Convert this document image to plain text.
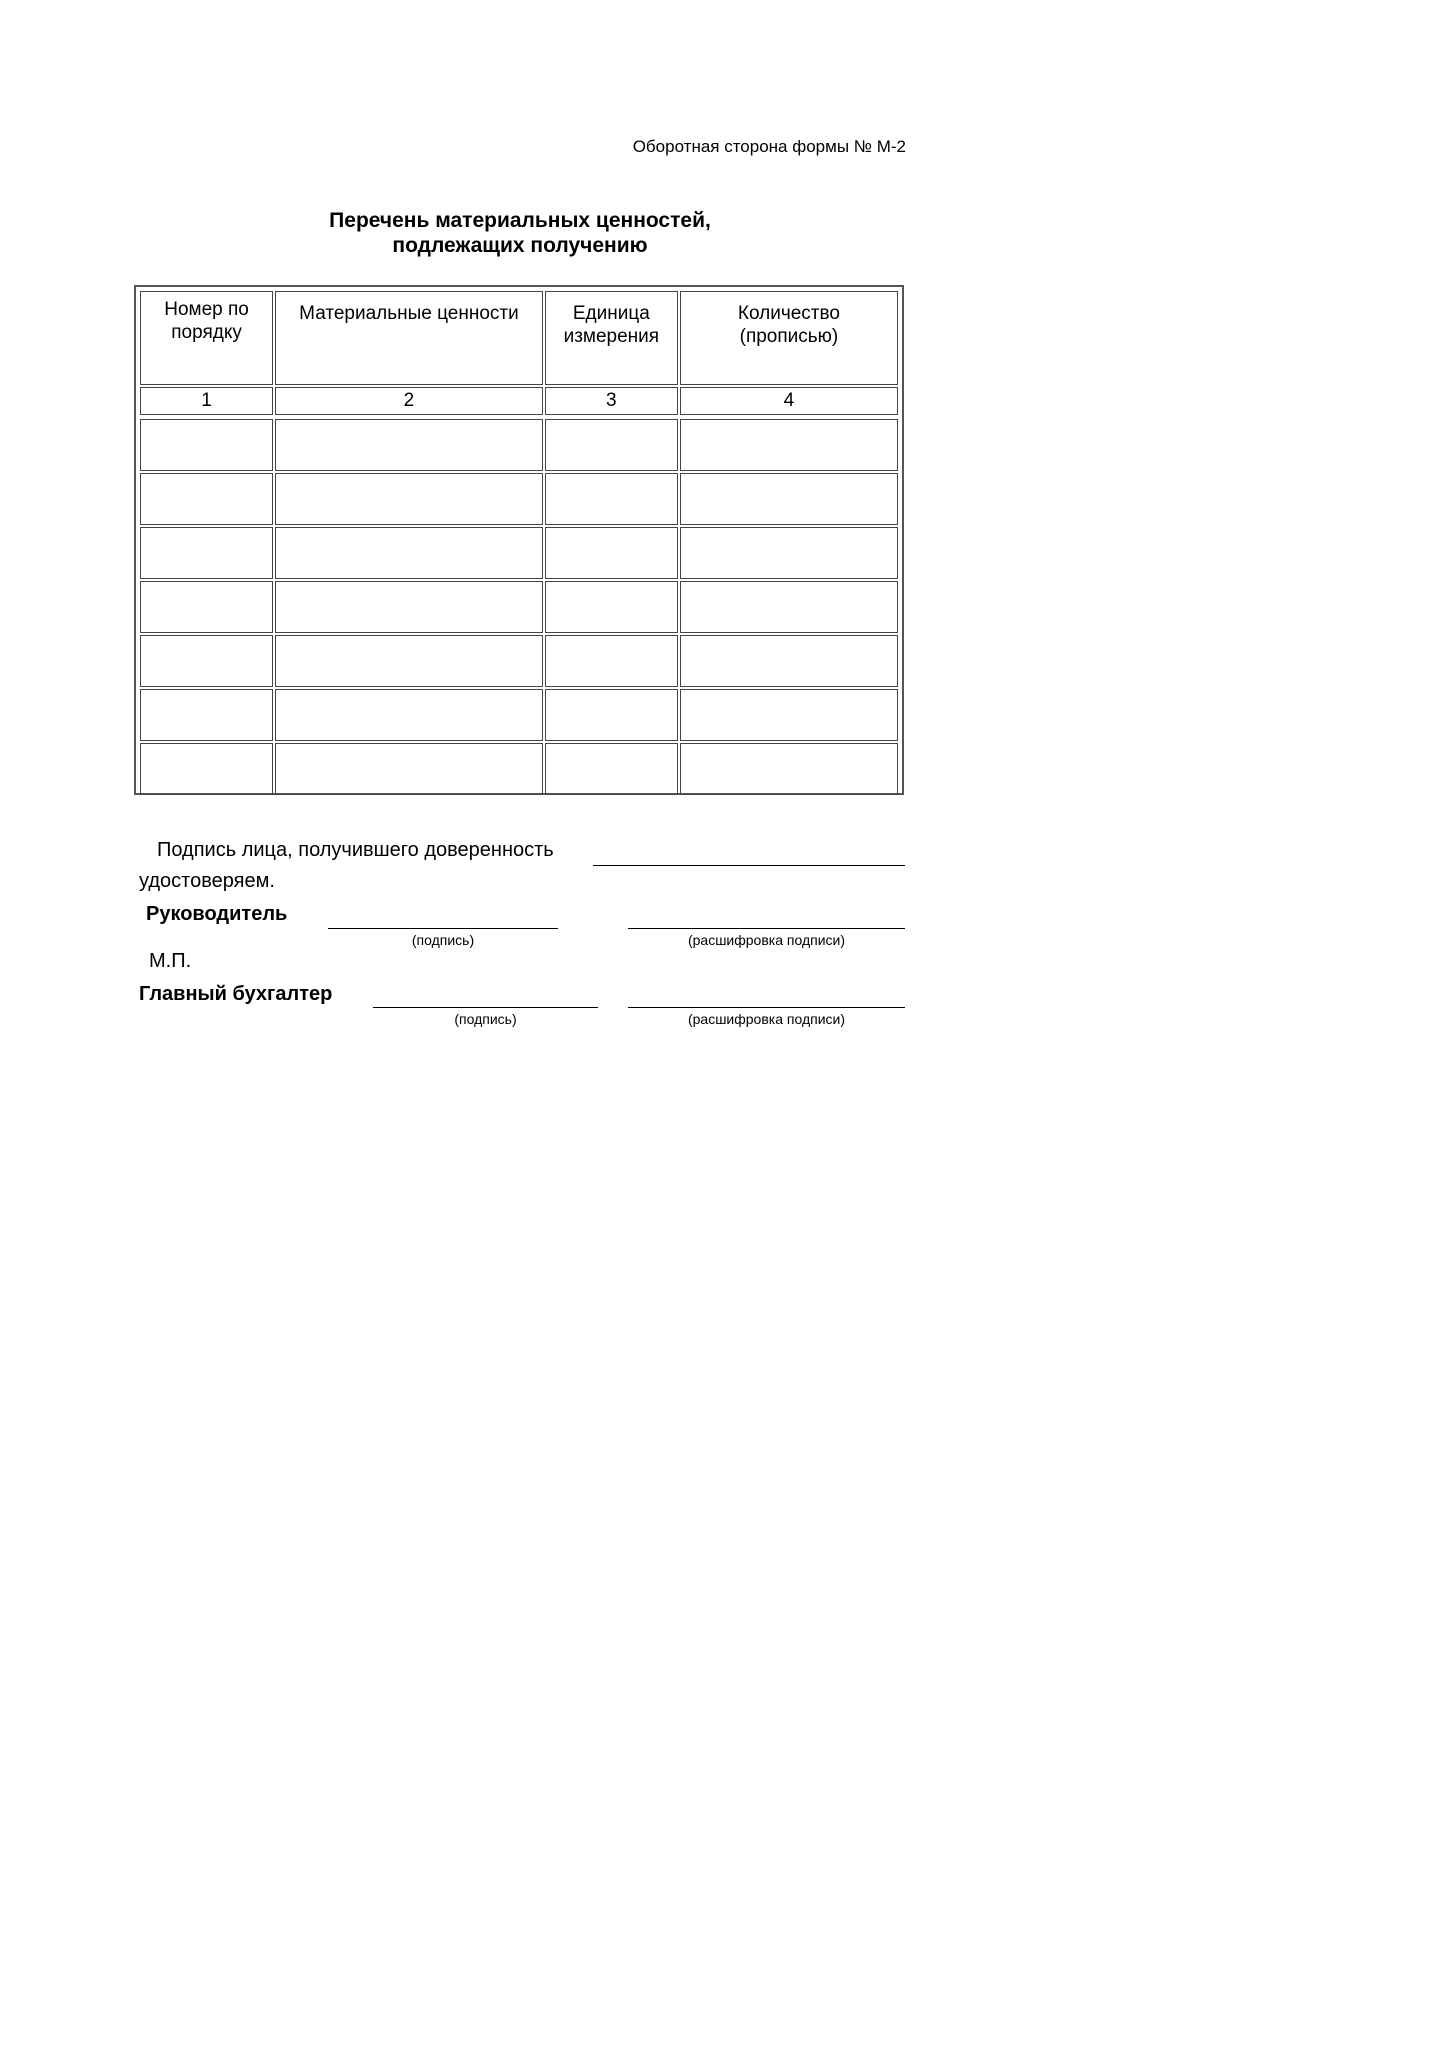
Оборотная сторона формы № М-2
Перечень материальных ценностей,
подлежащих получению
Номер по порядку	Материальные ценности	Единица измерения	Количество (прописью)
1	2	3	4

Подпись лица, получившего доверенность
удостоверяем.
Руководитель
(подпись)	(расшифровка подписи)
М.П.
Главный бухгалтер
(подпись)	(расшифровка подписи)
